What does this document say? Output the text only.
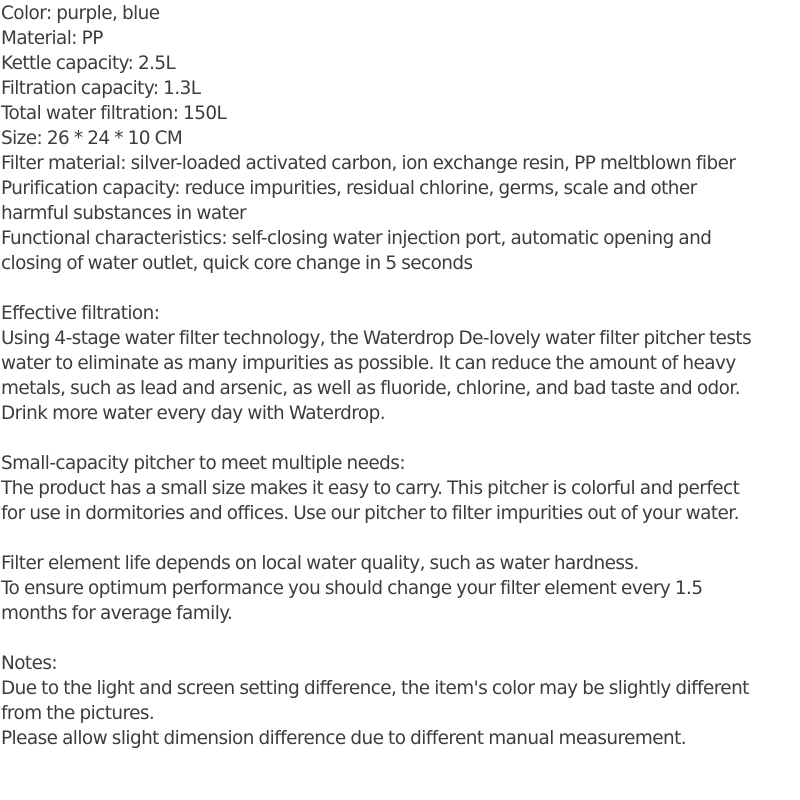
Color: purple, blue
Material: PP
Kettle capacity: 2.5L
Filtration capacity: 1.3L
Total water filtration: 150L
Size: 26 * 24 * 10 CM
Filter material: silver-loaded activated carbon, ion exchange resin, PP meltblown fiber
Purification capacity: reduce impurities, residual chlorine, germs, scale and other
harmful substances in water
Functional characteristics: self-closing water injection port, automatic opening and
closing of water outlet, quick core change in 5 seconds
Effective filtration:
Using 4-stage water filter technology, the Waterdrop De-lovely water filter pitcher tests
water to eliminate as many impurities as possible. It can reduce the amount of heavy
metals, such as lead and arsenic, as well as fluoride, chlorine, and bad taste and odor.
Drink more water every day with Waterdrop.
Small-capacity pitcher to meet multiple needs:
The product has a small size makes it easy to carry. This pitcher is colorful and perfect
for use in dormitories and offices. Use our pitcher to filter impurities out of your water.
Filter element life depends on local water quality, such as water hardness.
To ensure optimum performance you should change your filter element every 1.5
months for average family.
Notes:
Due to the light and screen setting difference, the item's color may be slightly different
from the pictures.
Please allow slight dimension difference due to different manual measurement.
